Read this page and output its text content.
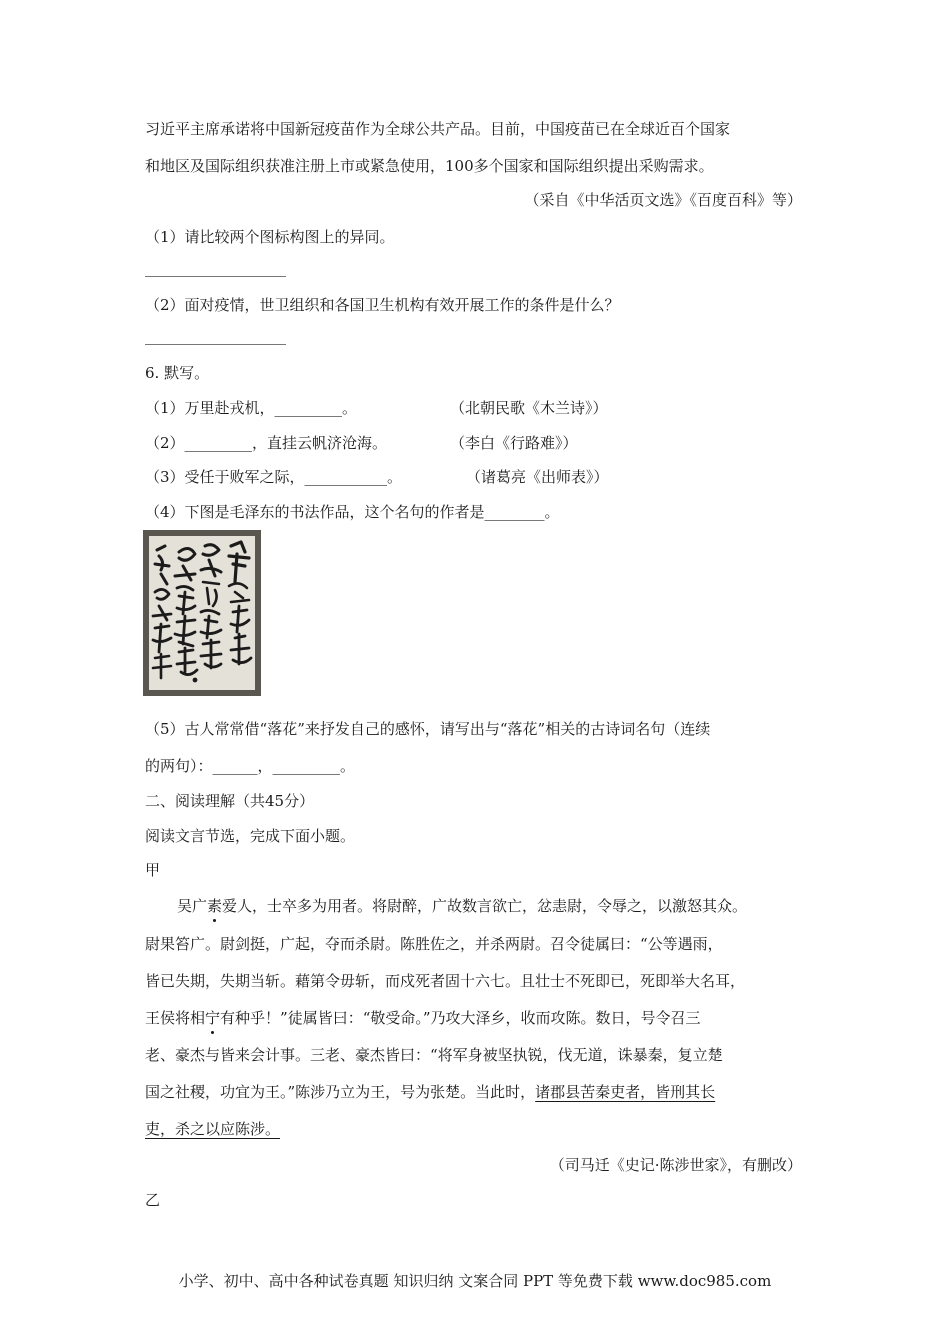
习近平主席承诺将中国新冠疫苗作为全球公共产品。目前，中国疫苗已在全球近百个国家
和地区及国际组织获准注册上市或紧急使用，100多个国家和国际组织提出采购需求。
（采自《中华活页文选》《百度百科》等）
（1）请比较两个图标构图上的异同。
（2）面对疫情，世卫组织和各国卫生机构有效开展工作的条件是什么？
6. 默写。
（1）万里赴戎机，_________。	（北朝民歌《木兰诗》）
（2）_________，直挂云帆济沧海。	（李白《行路难》）
（3）受任于败军之际，___________。	（诸葛亮《出师表》）
（4）下图是毛泽东的书法作品，这个名句的作者是________。
（5）古人常常借“落花”来抒发自己的感怀，请写出与“落花”相关的古诗词名句（连续
的两句）：______，_________。
二、阅读理解（共45分）
阅读文言节选，完成下面小题。
甲
吴广素爱人，士卒多为用者。将尉醉，广故数言欲亡，忿恚尉，令辱之，以激怒其众。
尉果笞广。尉剑挺，广起，夺而杀尉。陈胜佐之，并杀两尉。召令徒属曰：“公等遇雨，
皆已失期，失期当斩。藉第令毋斩，而戍死者固十六七。且壮士不死即已，死即举大名耳，
王侯将相宁有种乎！”徒属皆曰：“敬受命。”乃攻大泽乡，收而攻陈。数日，号令召三
老、豪杰与皆来会计事。三老、豪杰皆曰：“将军身被坚执锐，伐无道，诛暴秦，复立楚
国之社稷，功宜为王。”陈涉乃立为王，号为张楚。当此时，诸郡县苦秦吏者，皆刑其长
吏，杀之以应陈涉。
（司马迁《史记·陈涉世家》，有删改）
乙
小学、初中、高中各种试卷真题 知识归纳 文案合同 PPT 等免费下载 www.doc985.com
